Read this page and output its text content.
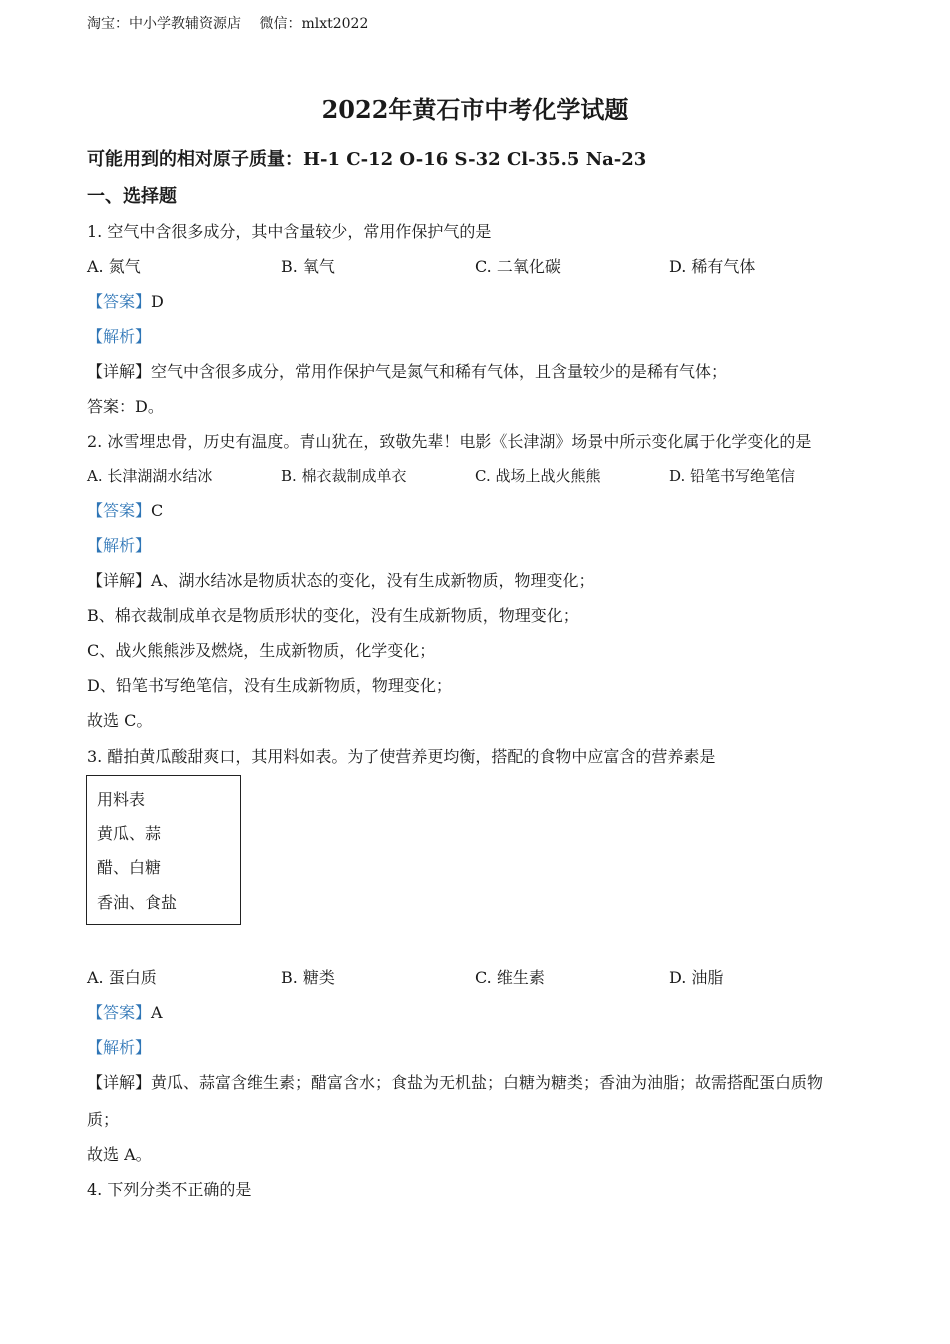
淘宝：中小学教辅资源店　 微信：mlxt2022
2022年黄石市中考化学试题
可能用到的相对原子质量：H-1 C-12 O-16 S-32 Cl-35.5 Na-23
一、选择题
1. 空气中含很多成分，其中含量较少，常用作保护气的是
A. 氮气	B. 氧气	C. 二氧化碳	D. 稀有气体
【答案】D
【解析】
【详解】空气中含很多成分，常用作保护气是氮气和稀有气体，且含量较少的是稀有气体；
答案：D。
2. 冰雪埋忠骨，历史有温度。青山犹在，致敬先辈！电影《长津湖》场景中所示变化属于化学变化的是
A. 长津湖湖水结冰	B. 棉衣裁制成单衣	C. 战场上战火熊熊	D. 铅笔书写绝笔信
【答案】C
【解析】
【详解】A、湖水结冰是物质状态的变化，没有生成新物质，物理变化；
B、棉衣裁制成单衣是物质形状的变化，没有生成新物质，物理变化；
C、战火熊熊涉及燃烧，生成新物质，化学变化；
D、铅笔书写绝笔信，没有生成新物质，物理变化；
故选 C。
3. 醋拍黄瓜酸甜爽口，其用料如表。为了使营养更均衡，搭配的食物中应富含的营养素是
用料表
黄瓜、蒜
醋、白糖
香油、食盐
A. 蛋白质	B. 糖类	C. 维生素	D. 油脂
【答案】A
【解析】
【详解】黄瓜、蒜富含维生素；醋富含水；食盐为无机盐；白糖为糖类；香油为油脂；故需搭配蛋白质物
质；
故选 A。
4. 下列分类不正确的是
